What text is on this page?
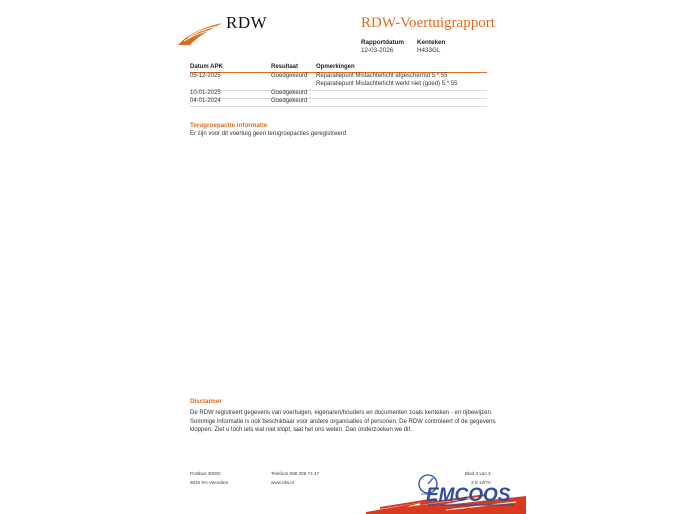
RDW	RDW-Voertuigrapport
Rapportdatum
12-03-2026
Kenteken
H433GL
Datum APK	Resultaat	Opmerkingen
05-12-2025	Goedgekeurd Reparatiepunt Mistachterlicht afgeschermd 5.*.55
Reparatiepunt Mistachterlicht werkt niet (goed) 5.*.55
10-01-2025	Goedgekeurd
04-01-2024	Goedgekeurd
Terugroepactie informatie
Er zijn voor dit voertuig geen terugroepacties geregistreerd
Disclaimer
De RDW registreert gegevens van voertuigen, eigenaren/houders en documenten zoals kenteken - en rijbewijzen.
Sommige informatie is ook beschikbaar voor andere organisaties of personen. De RDW controleert of de gegevens
kloppen. Ziet u toch iets wat niet klopt, laat het ons weten. Dan onderzoeken we dit.
Postbus 30000
9640 RA Veendam
Telefoon 088 008 74 47
www.rdw.nl
Blad 3 van 3
3 E 10/70
EMCOOS
